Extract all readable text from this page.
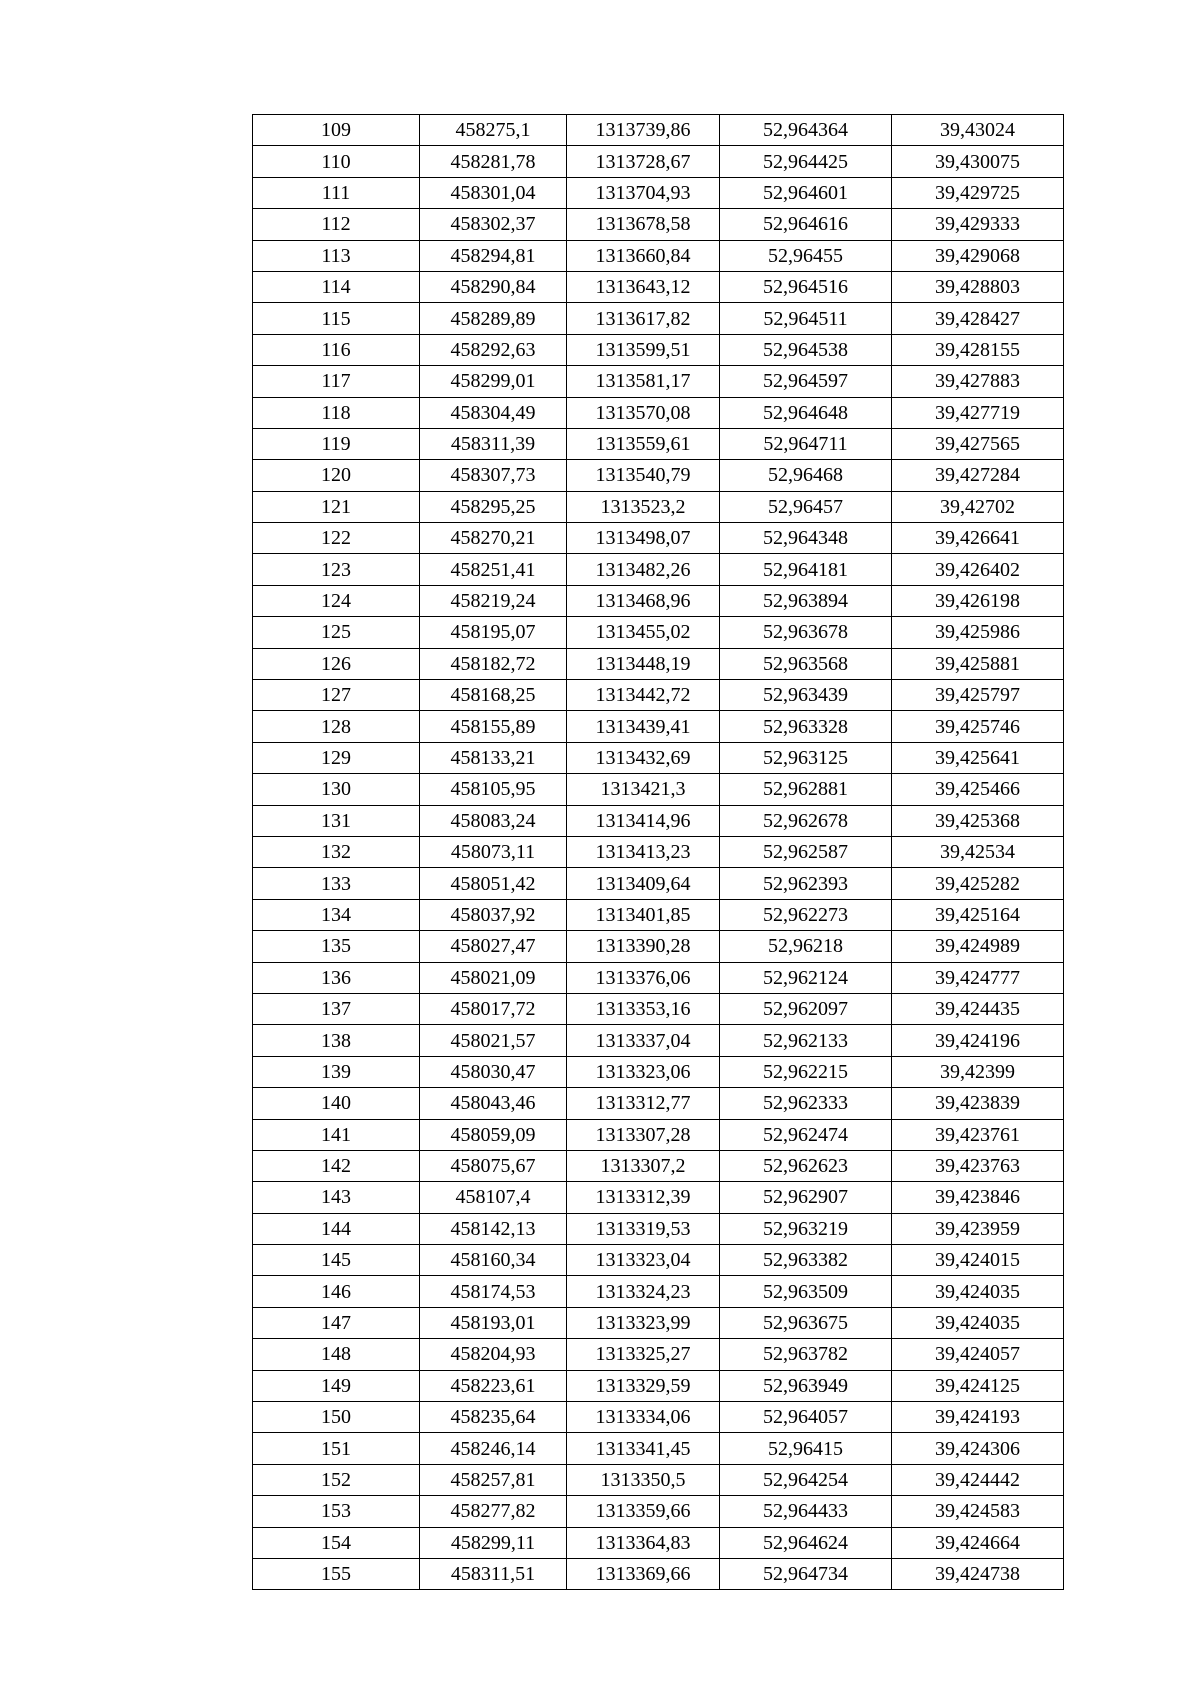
109	458275,1	1313739,86	52,964364	39,43024
110	458281,78	1313728,67	52,964425	39,430075
111	458301,04	1313704,93	52,964601	39,429725
112	458302,37	1313678,58	52,964616	39,429333
113	458294,81	1313660,84	52,96455	39,429068
114	458290,84	1313643,12	52,964516	39,428803
115	458289,89	1313617,82	52,964511	39,428427
116	458292,63	1313599,51	52,964538	39,428155
117	458299,01	1313581,17	52,964597	39,427883
118	458304,49	1313570,08	52,964648	39,427719
119	458311,39	1313559,61	52,964711	39,427565
120	458307,73	1313540,79	52,96468	39,427284
121	458295,25	1313523,2	52,96457	39,42702
122	458270,21	1313498,07	52,964348	39,426641
123	458251,41	1313482,26	52,964181	39,426402
124	458219,24	1313468,96	52,963894	39,426198
125	458195,07	1313455,02	52,963678	39,425986
126	458182,72	1313448,19	52,963568	39,425881
127	458168,25	1313442,72	52,963439	39,425797
128	458155,89	1313439,41	52,963328	39,425746
129	458133,21	1313432,69	52,963125	39,425641
130	458105,95	1313421,3	52,962881	39,425466
131	458083,24	1313414,96	52,962678	39,425368
132	458073,11	1313413,23	52,962587	39,42534
133	458051,42	1313409,64	52,962393	39,425282
134	458037,92	1313401,85	52,962273	39,425164
135	458027,47	1313390,28	52,96218	39,424989
136	458021,09	1313376,06	52,962124	39,424777
137	458017,72	1313353,16	52,962097	39,424435
138	458021,57	1313337,04	52,962133	39,424196
139	458030,47	1313323,06	52,962215	39,42399
140	458043,46	1313312,77	52,962333	39,423839
141	458059,09	1313307,28	52,962474	39,423761
142	458075,67	1313307,2	52,962623	39,423763
143	458107,4	1313312,39	52,962907	39,423846
144	458142,13	1313319,53	52,963219	39,423959
145	458160,34	1313323,04	52,963382	39,424015
146	458174,53	1313324,23	52,963509	39,424035
147	458193,01	1313323,99	52,963675	39,424035
148	458204,93	1313325,27	52,963782	39,424057
149	458223,61	1313329,59	52,963949	39,424125
150	458235,64	1313334,06	52,964057	39,424193
151	458246,14	1313341,45	52,96415	39,424306
152	458257,81	1313350,5	52,964254	39,424442
153	458277,82	1313359,66	52,964433	39,424583
154	458299,11	1313364,83	52,964624	39,424664
155	458311,51	1313369,66	52,964734	39,424738
